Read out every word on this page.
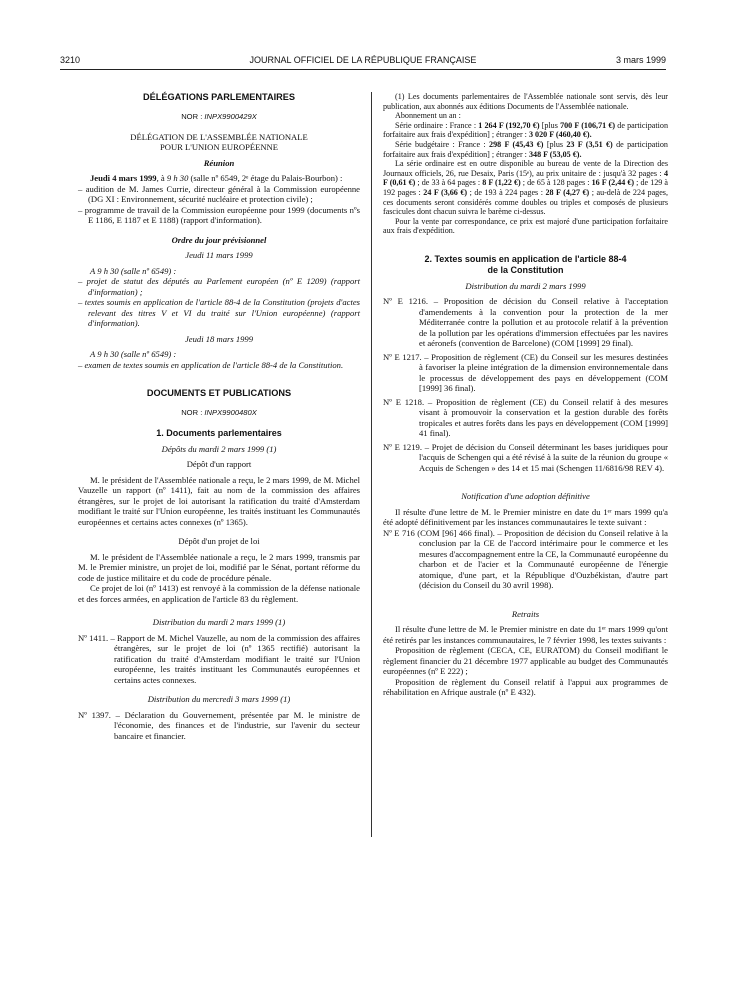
3210	JOURNAL OFFICIEL DE LA RÉPUBLIQUE FRANÇAISE	3 mars 1999

DÉLÉGATIONS PARLEMENTAIRES

NOR : INPX9900429X

DÉLÉGATION DE L'ASSEMBLÉE NATIONALE

POUR L'UNION EUROPÉENNE

Réunion

Jeudi 4 mars 1999, à 9 h 30 (salle nº 6549, 2ᵉ étage du Palais-Bourbon) :

– audition de M. James Currie, directeur général à la Commission européenne (DG XI : Environnement, sécurité nucléaire et protection civile) ;

– programme de travail de la Commission européenne pour 1999 (documents nºs E 1186, E 1187 et E 1188) (rapport d'information).

Ordre du jour prévisionnel

Jeudi 11 mars 1999

A 9 h 30 (salle nº 6549) :

– projet de statut des députés au Parlement européen (nº E 1209) (rapport d'information) ;

– textes soumis en application de l'article 88-4 de la Constitution (projets d'actes relevant des titres V et VI du traité sur l'Union européenne) (rapport d'information).

Jeudi 18 mars 1999

A 9 h 30 (salle nº 6549) :

– examen de textes soumis en application de l'article 88-4 de la Constitution.

DOCUMENTS ET PUBLICATIONS

NOR : INPX9900480X

1. Documents parlementaires

Dépôts du mardi 2 mars 1999 (1)

Dépôt d'un rapport

M. le président de l'Assemblée nationale a reçu, le 2 mars 1999, de M. Michel Vauzelle un rapport (nº 1411), fait au nom de la commission des affaires étrangères, sur le projet de loi autorisant la ratification du traité d'Amsterdam modifiant le traité sur l'Union européenne, les traités instituant les Communautés européennes et certains actes connexes (nº 1365).

Dépôt d'un projet de loi

M. le président de l'Assemblée nationale a reçu, le 2 mars 1999, transmis par M. le Premier ministre, un projet de loi, modifié par le Sénat, portant réforme du code de justice militaire et du code de procédure pénale.

Ce projet de loi (nº 1413) est renvoyé à la commission de la défense nationale et des forces armées, en application de l'article 83 du règlement.

Distribution du mardi 2 mars 1999 (1)

Nº 1411. – Rapport de M. Michel Vauzelle, au nom de la commission des affaires étrangères, sur le projet de loi (nº 1365 rectifié) autorisant la ratification du traité d'Amsterdam modifiant le traité sur l'Union européenne, les traités instituant les Communautés européennes et certains actes connexes.

Distribution du mercredi 3 mars 1999 (1)

Nº 1397. – Déclaration du Gouvernement, présentée par M. le ministre de l'économie, des finances et de l'industrie, sur l'avenir du secteur bancaire et financier.

(1) Les documents parlementaires de l'Assemblée nationale sont servis, dès leur publication, aux abonnés aux éditions Documents de l'Assemblée nationale.

Abonnement un an :

Série ordinaire : France : 1 264 F (192,70 €) [plus 700 F (106,71 €) de participation forfaitaire aux frais d'expédition] ; étranger : 3 020 F (460,40 €).

Série budgétaire : France : 298 F (45,43 €) [plus 23 F (3,51 €) de participation forfaitaire aux frais d'expédition] ; étranger : 348 F (53,05 €).

La série ordinaire est en outre disponible au bureau de vente de la Direction des Journaux officiels, 26, rue Desaix, Paris (15ᵉ), au prix unitaire de : jusqu'à 32 pages : 4 F (0,61 €) ; de 33 à 64 pages : 8 F (1,22 €) ; de 65 à 128 pages : 16 F (2,44 €) ; de 129 à 192 pages : 24 F (3,66 €) ; de 193 à 224 pages : 28 F (4,27 €) ; au-delà de 224 pages, ces documents seront considérés comme doubles ou triples et composés de plusieurs fascicules dont chacun suivra le barème ci-dessus.

Pour la vente par correspondance, ce prix est majoré d'une participation forfaitaire aux frais d'expédition.

2. Textes soumis en application de l'article 88-4
de la Constitution

Distribution du mardi 2 mars 1999

Nº E 1216. – Proposition de décision du Conseil relative à l'acceptation d'amendements à la convention pour la protection de la mer Méditerranée contre la pollution et au protocole relatif à la prévention de la pollution par les opérations d'immersion effectuées par les navires et aéronefs (convention de Barcelone) (COM [1999] 29 final).

Nº E 1217. – Proposition de règlement (CE) du Conseil sur les mesures destinées à favoriser la pleine intégration de la dimension environnementale dans le processus de développement des pays en développement (COM [1999] 36 final).

Nº E 1218. – Proposition de règlement (CE) du Conseil relatif à des mesures visant à promouvoir la conservation et la gestion durable des forêts tropicales et autres forêts dans les pays en développement (COM [1999] 41 final).

Nº E 1219. – Projet de décision du Conseil déterminant les bases juridiques pour l'acquis de Schengen qui a été révisé à la suite de la réunion du groupe « Acquis de Schengen » des 14 et 15 mai (Schengen 11/6816/98 REV 4).

Notification d'une adoption définitive

Il résulte d'une lettre de M. le Premier ministre en date du 1ᵉʳ mars 1999 qu'a été adopté définitivement par les instances communautaires le texte suivant :

Nº E 716 (COM [96] 466 final). – Proposition de décision du Conseil relative à la conclusion par la CE de l'accord intérimaire pour le commerce et les mesures d'accompagnement entre la CE, la Communauté européenne du charbon et de l'acier et la Communauté européenne de l'énergie atomique, d'une part, et la République d'Ouzbékistan, d'autre part (décision du Conseil du 30 avril 1998).

Retraits

Il résulte d'une lettre de M. le Premier ministre en date du 1ᵉʳ mars 1999 qu'ont été retirés par les instances communautaires, le 7 février 1998, les textes suivants :

Proposition de règlement (CECA, CE, EURATOM) du Conseil modifiant le règlement financier du 21 décembre 1977 applicable au budget des Communautés européennes (nº E 222) ;

Proposition de règlement du Conseil relatif à l'appui aux programmes de réhabilitation en Afrique australe (nº E 432).
